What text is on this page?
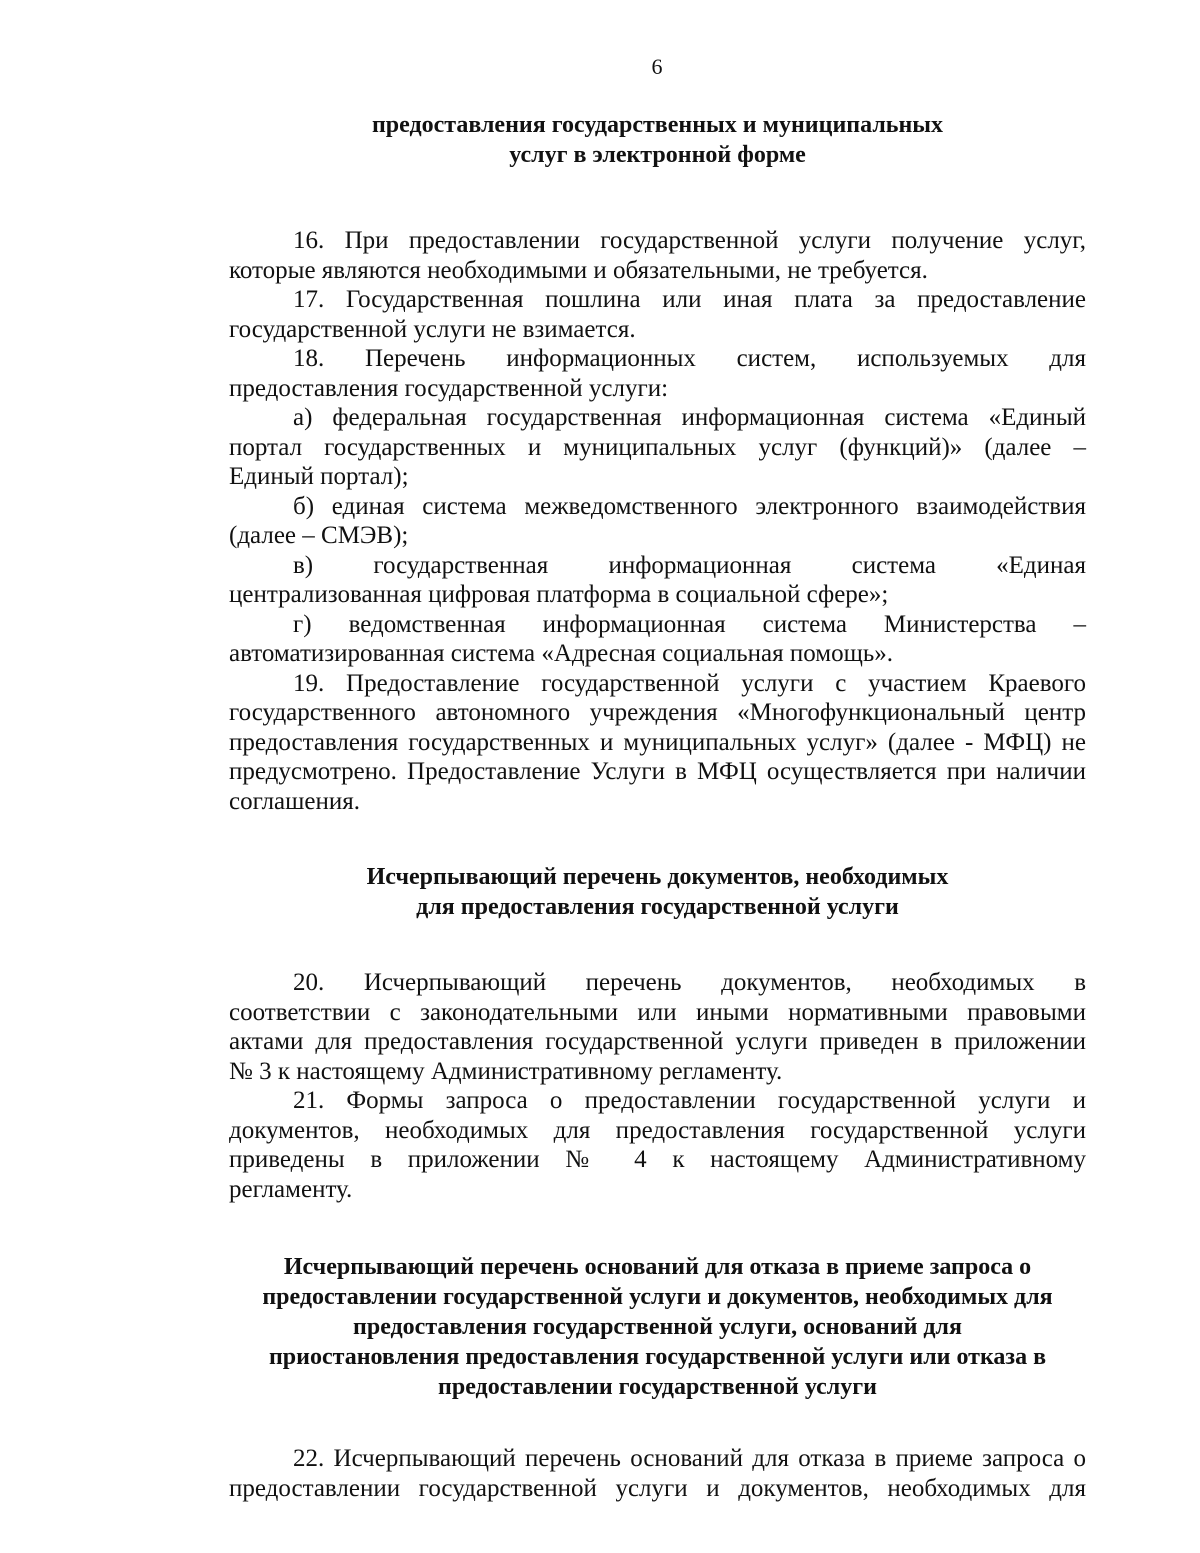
6
предоставления государственных и муниципальных
услуг в электронной форме
16. При предоставлении государственной услуги получение услуг,
которые являются необходимыми и обязательными, не требуется.
17. Государственная пошлина или иная плата за предоставление
государственной услуги не взимается.
18. Перечень информационных систем, используемых для
предоставления государственной услуги:
а) федеральная государственная информационная система «Единый
портал государственных и муниципальных услуг (функций)» (далее –
Единый портал);
б) единая система межведомственного электронного взаимодействия
(далее – СМЭВ);
в) государственная информационная система «Единая
централизованная цифровая платформа в социальной сфере»;
г) ведомственная информационная система Министерства –
автоматизированная система «Адресная социальная помощь».
19. Предоставление государственной услуги с участием Краевого
государственного автономного учреждения «Многофункциональный центр
предоставления государственных и муниципальных услуг» (далее - МФЦ) не
предусмотрено. Предоставление Услуги в МФЦ осуществляется при наличии
соглашения.
Исчерпывающий перечень документов, необходимых
для предоставления государственной услуги
20. Исчерпывающий перечень документов, необходимых в
соответствии с законодательными или иными нормативными правовыми
актами для предоставления государственной услуги приведен в приложении
№ 3 к настоящему Административному регламенту.
21. Формы запроса о предоставлении государственной услуги и
документов, необходимых для предоставления государственной услуги
приведены в приложении № 4 к настоящему Административному
регламенту.
Исчерпывающий перечень оснований для отказа в приеме запроса о
предоставлении государственной услуги и документов, необходимых для
предоставления государственной услуги, оснований для
приостановления предоставления государственной услуги или отказа в
предоставлении государственной услуги
22. Исчерпывающий перечень оснований для отказа в приеме запроса о
предоставлении государственной услуги и документов, необходимых для
